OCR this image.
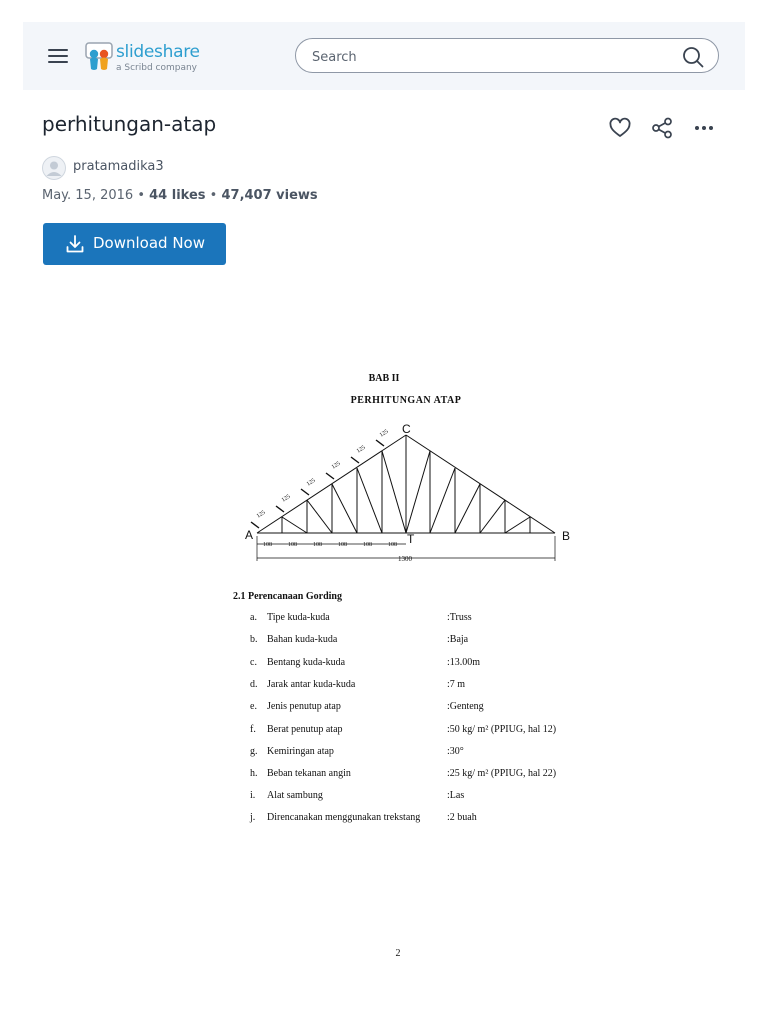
slideshare
a Scribd company
Search
perhitungan-atap
pratamadika3
May. 15, 2016 • 44 likes • 47,407 views
Download Now
BAB II
PERHITUNGAN ATAP
125
125
125
125
125
125
108	108	108	108	108	108
1300
A	B
C
T
2.1 Perencanaan Gording
a. Tipe kuda-kuda	:Truss
b. Bahan kuda-kuda	:Baja
c. Bentang kuda-kuda	:13.00m
d. Jarak antar kuda-kuda	:7 m
e. Jenis penutup atap	:Genteng
f. Berat penutup atap	:50 kg/ m² (PPIUG, hal 12)
g. Kemiringan atap	:30°
h. Beban tekanan angin	:25 kg/ m² (PPIUG, hal 22)
i. Alat sambung	:Las
j. Direncanakan menggunakan trekstang	:2 buah
2
